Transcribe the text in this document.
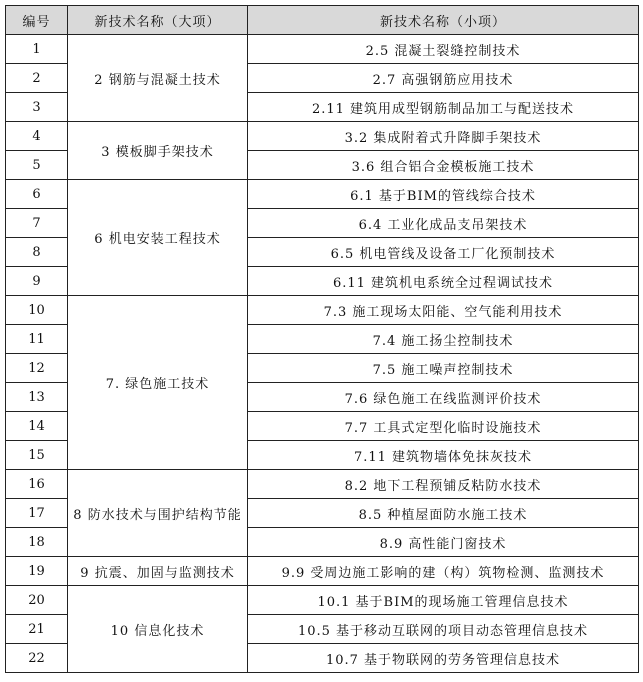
编号	新技术名称（大项）	新技术名称（小项）
1	2 钢筋与混凝土技术	2.5 混凝土裂缝控制技术
2		2.7 高强钢筋应用技术
3		2.11 建筑用成型钢筋制品加工与配送技术
4	3 模板脚手架技术	3.2 集成附着式升降脚手架技术
5		3.6 组合铝合金模板施工技术
6	6 机电安装工程技术	6.1 基于BIM的管线综合技术
7		6.4 工业化成品支吊架技术
8		6.5 机电管线及设备工厂化预制技术
9		6.11 建筑机电系统全过程调试技术
10	7. 绿色施工技术	7.3 施工现场太阳能、空气能利用技术
11		7.4 施工扬尘控制技术
12		7.5 施工噪声控制技术
13		7.6 绿色施工在线监测评价技术
14		7.7 工具式定型化临时设施技术
15		7.11 建筑物墙体免抹灰技术
16	8 防水技术与围护结构节能	8.2 地下工程预铺反粘防水技术
17		8.5 种植屋面防水施工技术
18		8.9 高性能门窗技术
19	9 抗震、加固与监测技术	9.9 受周边施工影响的建（构）筑物检测、监测技术
20	10 信息化技术	10.1 基于BIM的现场施工管理信息技术
21		10.5 基于移动互联网的项目动态管理信息技术
22		10.7 基于物联网的劳务管理信息技术
